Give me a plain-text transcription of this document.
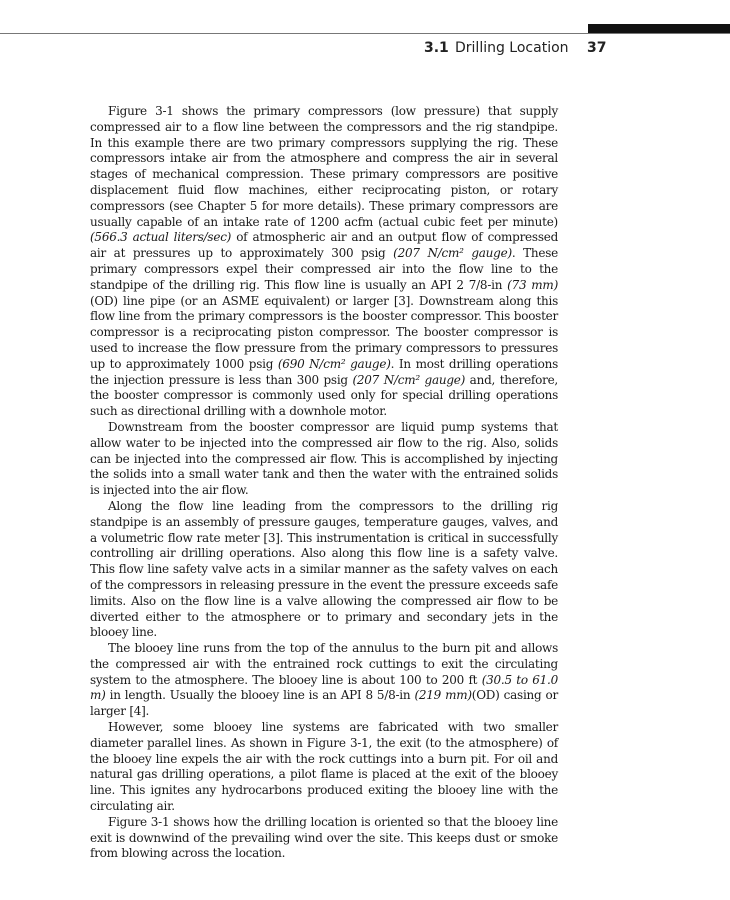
3.1 Drilling Location 37

Figure 3-1 shows the primary compressors (low pressure) that supply compressed air to a flow line between the compressors and the rig standpipe. In this example there are two primary compressors supplying the rig. These compressors intake air from the atmosphere and compress the air in several stages of mechanical compression. These primary compressors are positive displacement fluid flow machines, either reciprocating piston, or rotary compressors (see Chapter 5 for more details). These primary compressors are usually capable of an intake rate of 1200 acfm (actual cubic feet per minute) (566.3 actual liters/sec) of atmospheric air and an output flow of compressed air at pressures up to approximately 300 psig (207 N/cm² gauge). These primary compressors expel their compressed air into the flow line to the standpipe of the drilling rig. This flow line is usually an API 2 7/8-in (73 mm)(OD) line pipe (or an ASME equivalent) or larger [3]. Downstream along this flow line from the primary compressors is the booster compressor. This booster compressor is a reciprocating piston compressor. The booster compressor is used to increase the flow pressure from the primary compressors to pressures up to approximately 1000 psig (690 N/cm² gauge). In most drilling operations the injection pressure is less than 300 psig (207 N/cm² gauge) and, therefore, the booster compressor is commonly used only for special drilling operations such as directional drilling with a downhole motor.

Downstream from the booster compressor are liquid pump systems that allow water to be injected into the compressed air flow to the rig. Also, solids can be injected into the compressed air flow. This is accomplished by injecting the solids into a small water tank and then the water with the entrained solids is injected into the air flow.

Along the flow line leading from the compressors to the drilling rig standpipe is an assembly of pressure gauges, temperature gauges, valves, and a volumetric flow rate meter [3]. This instrumentation is critical in successfully controlling air drilling operations. Also along this flow line is a safety valve. This flow line safety valve acts in a similar manner as the safety valves on each of the compressors in releasing pressure in the event the pressure exceeds safe limits. Also on the flow line is a valve allowing the compressed air flow to be diverted either to the atmosphere or to primary and secondary jets in the blooey line.

The blooey line runs from the top of the annulus to the burn pit and allows the compressed air with the entrained rock cuttings to exit the circulating system to the atmosphere. The blooey line is about 100 to 200 ft (30.5 to 61.0 m) in length. Usually the blooey line is an API 8 5/8-in (219 mm)(OD) casing or larger [4].

However, some blooey line systems are fabricated with two smaller diameter parallel lines. As shown in Figure 3-1, the exit (to the atmosphere) of the blooey line expels the air with the rock cuttings into a burn pit. For oil and natural gas drilling operations, a pilot flame is placed at the exit of the blooey line. This ignites any hydrocarbons produced exiting the blooey line with the circulating air.

Figure 3-1 shows how the drilling location is oriented so that the blooey line exit is downwind of the prevailing wind over the site. This keeps dust or smoke from blowing across the location.
